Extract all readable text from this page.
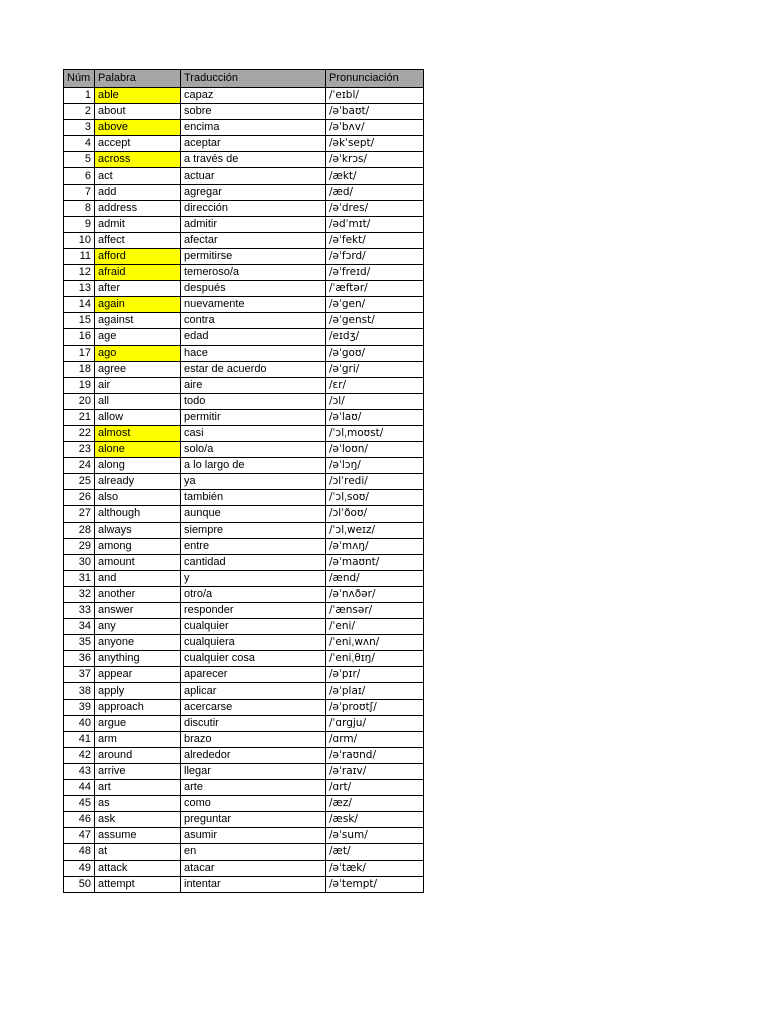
Núm	Palabra	Traducción	Pronunciación
1	able	capaz	/ˈeɪbl/
2	about	sobre	/əˈbaʊt/
3	above	encima	/əˈbʌv/
4	accept	aceptar	/əkˈsept/
5	across	a través de	/əˈkrɔs/
6	act	actuar	/ækt/
7	add	agregar	/æd/
8	address	dirección	/əˈdres/
9	admit	admitir	/ədˈmɪt/
10	affect	afectar	/əˈfekt/
11	afford	permitirse	/əˈfɔrd/
12	afraid	temeroso/a	/əˈfreɪd/
13	after	después	/ˈæftər/
14	again	nuevamente	/əˈgen/
15	against	contra	/əˈgenst/
16	age	edad	/eɪdʒ/
17	ago	hace	/əˈgoʊ/
18	agree	estar de acuerdo	/əˈgri/
19	air	aire	/ɛr/
20	all	todo	/ɔl/
21	allow	permitir	/əˈlaʊ/
22	almost	casi	/ˈɔlˌmoʊst/
23	alone	solo/a	/əˈloʊn/
24	along	a lo largo de	/əˈlɔŋ/
25	already	ya	/ɔlˈredi/
26	also	también	/ˈɔlˌsoʊ/
27	although	aunque	/ɔlˈðoʊ/
28	always	siempre	/ˈɔlˌweɪz/
29	among	entre	/əˈmʌŋ/
30	amount	cantidad	/əˈmaʊnt/
31	and	y	/ænd/
32	another	otro/a	/əˈnʌðər/
33	answer	responder	/ˈænsər/
34	any	cualquier	/ˈeni/
35	anyone	cualquiera	/ˈeniˌwʌn/
36	anything	cualquier cosa	/ˈeniˌθɪŋ/
37	appear	aparecer	/əˈpɪr/
38	apply	aplicar	/əˈplaɪ/
39	approach	acercarse	/əˈproʊtʃ/
40	argue	discutir	/ˈɑrgju/
41	arm	brazo	/ɑrm/
42	around	alrededor	/əˈraʊnd/
43	arrive	llegar	/əˈraɪv/
44	art	arte	/ɑrt/
45	as	como	/æz/
46	ask	preguntar	/æsk/
47	assume	asumir	/əˈsum/
48	at	en	/æt/
49	attack	atacar	/əˈtæk/
50	attempt	intentar	/əˈtempt/
